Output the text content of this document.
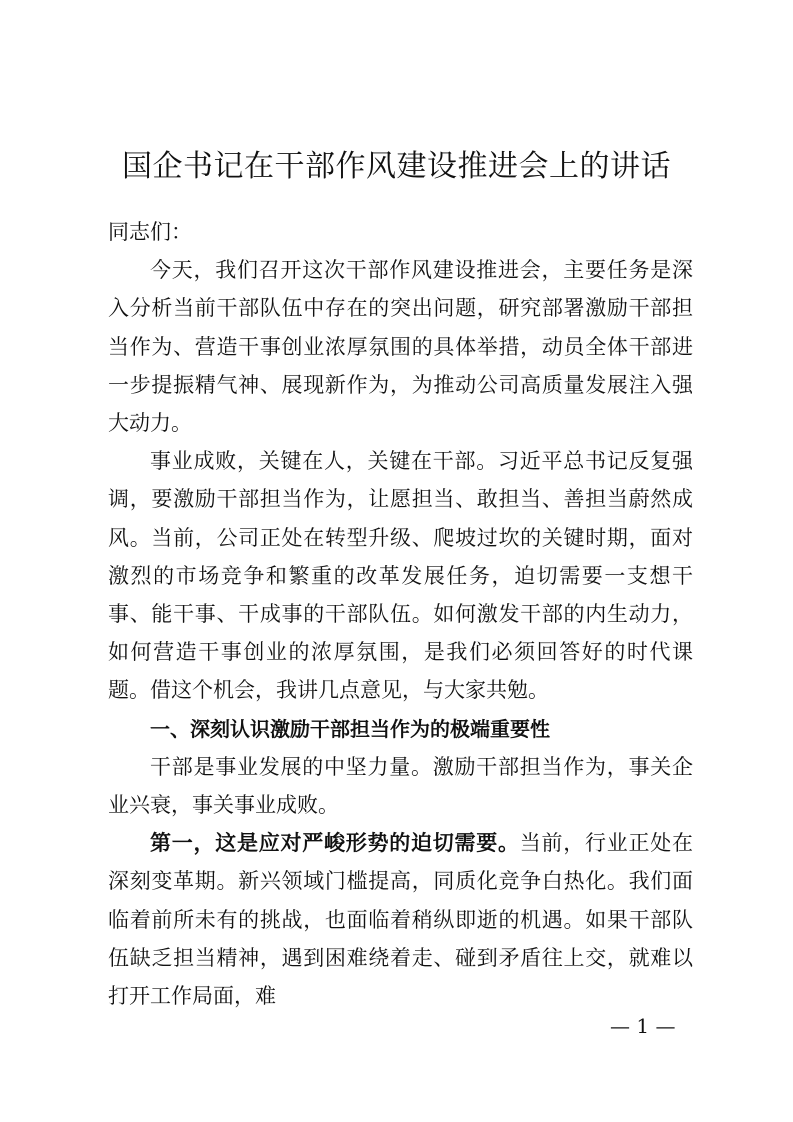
国企书记在干部作风建设推进会上的讲话

同志们：

今天，我们召开这次干部作风建设推进会，主要任务是深入分析当前干部队伍中存在的突出问题，研究部署激励干部担当作为、营造干事创业浓厚氛围的具体举措，动员全体干部进一步提振精气神、展现新作为，为推动公司高质量发展注入强大动力。

事业成败，关键在人，关键在干部。习近平总书记反复强调，要激励干部担当作为，让愿担当、敢担当、善担当蔚然成风。当前，公司正处在转型升级、爬坡过坎的关键时期，面对激烈的市场竞争和繁重的改革发展任务，迫切需要一支想干事、能干事、干成事的干部队伍。如何激发干部的内生动力，如何营造干事创业的浓厚氛围，是我们必须回答好的时代课题。借这个机会，我讲几点意见，与大家共勉。

一、深刻认识激励干部担当作为的极端重要性

干部是事业发展的中坚力量。激励干部担当作为，事关企业兴衰，事关事业成败。

第一，这是应对严峻形势的迫切需要。当前，行业正处在深刻变革期。新兴领域门槛提高，同质化竞争白热化。我们面临着前所未有的挑战，也面临着稍纵即逝的机遇。如果干部队伍缺乏担当精神，遇到困难绕着走、碰到矛盾往上交，就难以打开工作局面，难

— 1 —
